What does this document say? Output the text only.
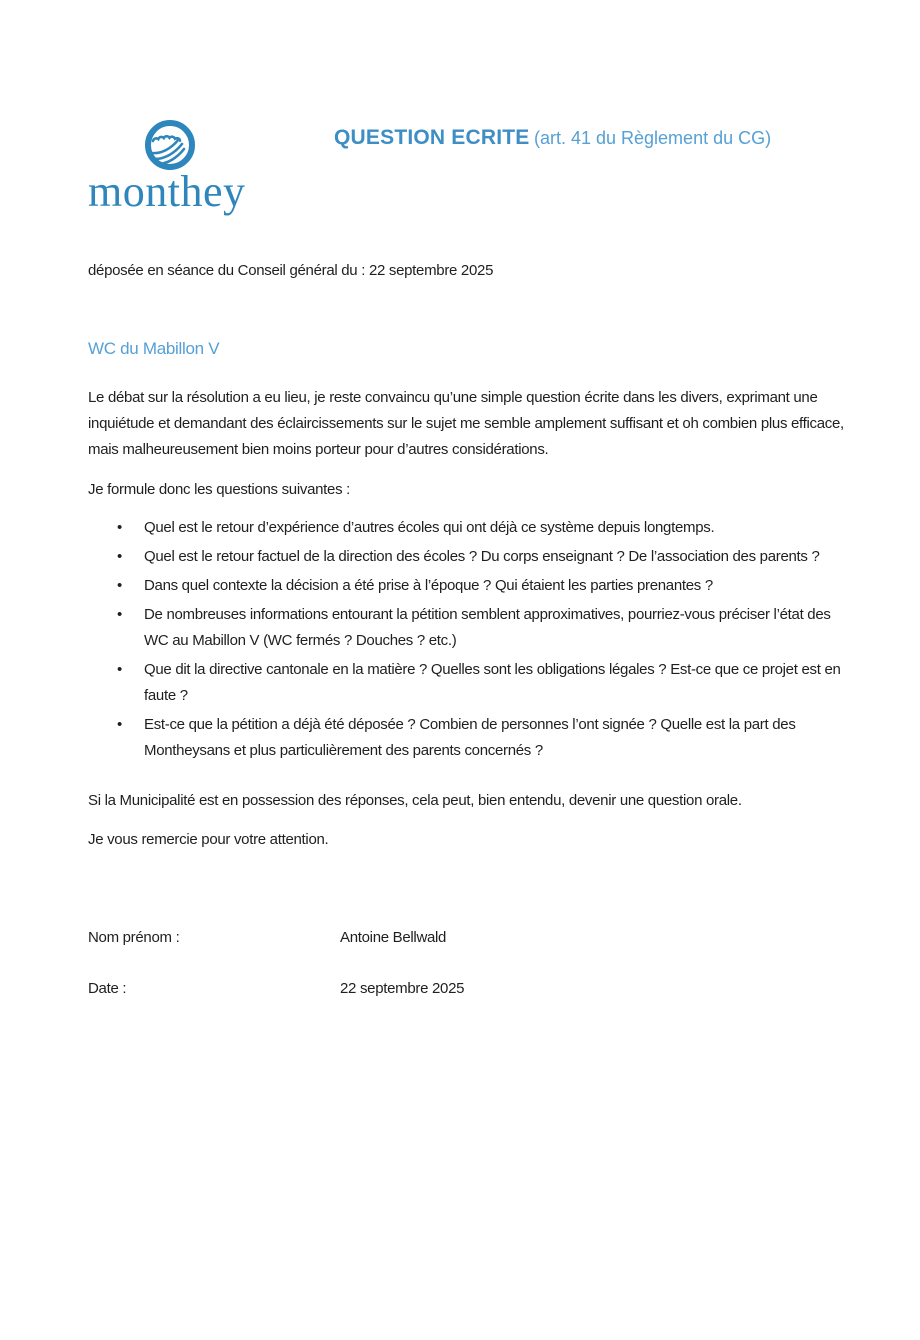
monthey
QUESTION ECRITE (art. 41 du Règlement du CG)
déposée en séance du Conseil général du : 22 septembre 2025
WC du Mabillon V
Le débat sur la résolution a eu lieu, je reste convaincu qu’une simple question écrite dans les divers, exprimant une inquiétude et demandant des éclaircissements sur le sujet me semble amplement suffisant et oh combien plus efficace, mais malheureusement bien moins porteur pour d’autres considérations.
Je formule donc les questions suivantes :
• Quel est le retour d’expérience d’autres écoles qui ont déjà ce système depuis longtemps.
• Quel est le retour factuel de la direction des écoles ? Du corps enseignant ? De l’association des parents ?
• Dans quel contexte la décision a été prise à l’époque ? Qui étaient les parties prenantes ?
• De nombreuses informations entourant la pétition semblent approximatives, pourriez-vous préciser l’état des WC au Mabillon V (WC fermés ? Douches ? etc.)
• Que dit la directive cantonale en la matière ? Quelles sont les obligations légales ? Est-ce que ce projet est en faute ?
• Est-ce que la pétition a déjà été déposée ? Combien de personnes l’ont signée ? Quelle est la part des Montheysans et plus particulièrement des parents concernés ?
Si la Municipalité est en possession des réponses, cela peut, bien entendu, devenir une question orale.
Je vous remercie pour votre attention.
Nom prénom :	Antoine Bellwald
Date :	22 septembre 2025
